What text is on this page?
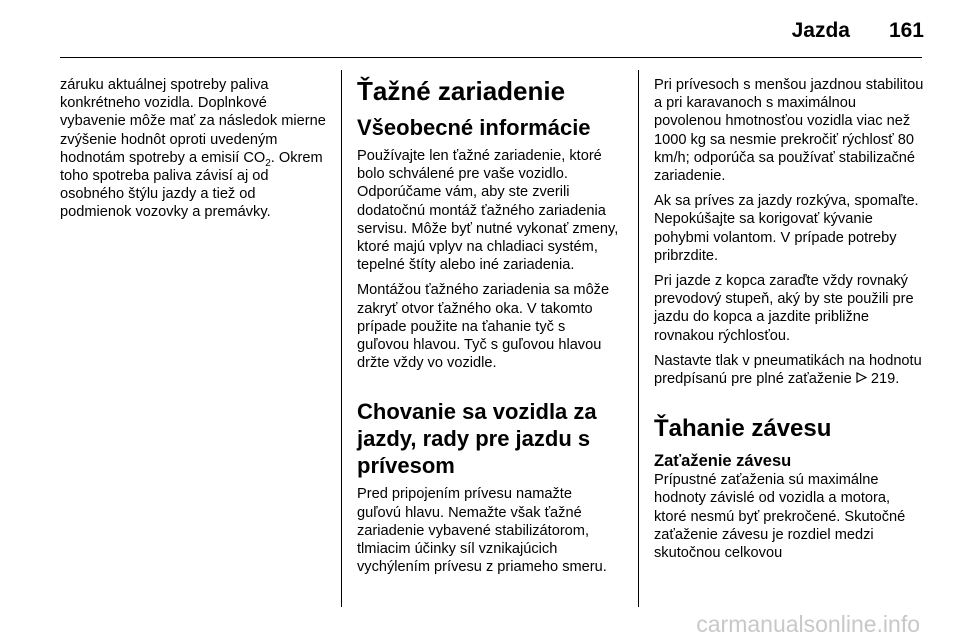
Jazda	161

záruku aktuálnej spotreby paliva konkrétneho vozidla. Doplnkové vybavenie môže mať za následok mierne zvýšenie hodnôt oproti uvedeným hodnotám spotreby a emisií $CO_2$. Okrem toho spotreba paliva závisí aj od osobného štýlu jazdy a tiež od podmienok vozovky a premávky.

Ťažné zariadenie
Všeobecné informácie

Používajte len ťažné zariadenie, ktoré bolo schválené pre vaše vozidlo. Odporúčame vám, aby ste zverili dodatočnú montáž ťažného zariadenia servisu. Môže byť nutné vykonať zmeny, ktoré majú vplyv na chladiaci systém, tepelné štíty alebo iné zariadenia.

Montážou ťažného zariadenia sa môže zakryť otvor ťažného oka. V takomto prípade použite na ťahanie tyč s guľovou hlavou. Tyč s guľovou hlavou držte vždy vo vozidle.

Chovanie sa vozidla za jazdy, rady pre jazdu s prívesom

Pred pripojením prívesu namažte guľovú hlavu. Nemažte však ťažné zariadenie vybavené stabilizátorom, tlmiacim účinky síl vznikajúcich vychýlením prívesu z priameho smeru.

Pri prívesoch s menšou jazdnou stabilitou a pri karavanoch s maximálnou povolenou hmotnosťou vozidla viac než 1000 kg sa nesmie prekročiť rýchlosť 80 km/h; odporúča sa používať stabilizačné zariadenie.

Ak sa príves za jazdy rozkýva, spomaľte. Nepokúšajte sa korigovať kývanie pohybmi volantom. V prípade potreby pribrzdite.

Pri jazde z kopca zaraďte vždy rovnaký prevodový stupeň, aký by ste použili pre jazdu do kopca a jazdite približne rovnakou rýchlosťou.

Nastavte tlak v pneumatikách na hodnotu predpísanú pre plné zaťaženie 219.

Ťahanie závesu
Zaťaženie závesu

Prípustné zaťaženia sú maximálne hodnoty závislé od vozidla a motora, ktoré nesmú byť prekročené. Skutočné zaťaženie závesu je rozdiel medzi skutočnou celkovou

carmanualsonline.info
